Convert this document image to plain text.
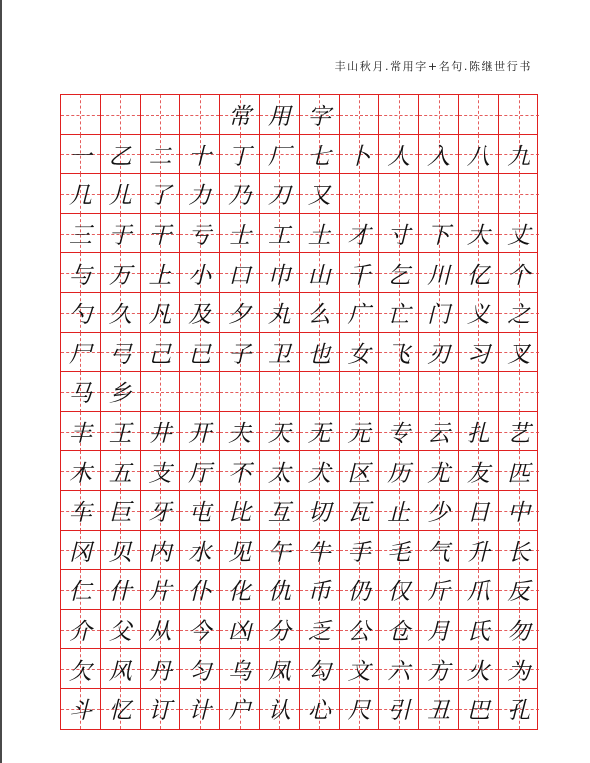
丰山秋月.常用字+名句.陈继世行书
常 用 字
一 乙 二 十 丁 厂 七 卜 人 入 八 九
几 儿 了 力 乃 刀 又
三 于 干 亏 士 工 土 才 寸 下 大 丈
与 万 上 小 口 巾 山 千 乞 川 亿 个
勺 久 凡 及 夕 丸 么 广 亡 门 义 之
尸 弓 己 已 子 卫 也 女 飞 刃 习 叉
马 乡
丰 王 井 开 夫 天 无 元 专 云 扎 艺
木 五 支 厅 不 太 犬 区 历 尤 友 匹
车 巨 牙 屯 比 互 切 瓦 止 少 日 中
冈 贝 内 水 见 午 牛 手 毛 气 升 长
仁 什 片 仆 化 仇 币 仍 仅 斤 爪 反
介 父 从 今 凶 分 乏 公 仓 月 氏 勿
欠 风 丹 匀 乌 凤 勾 文 六 方 火 为
斗 忆 订 计 户 认 心 尺 引 丑 巴 孔
